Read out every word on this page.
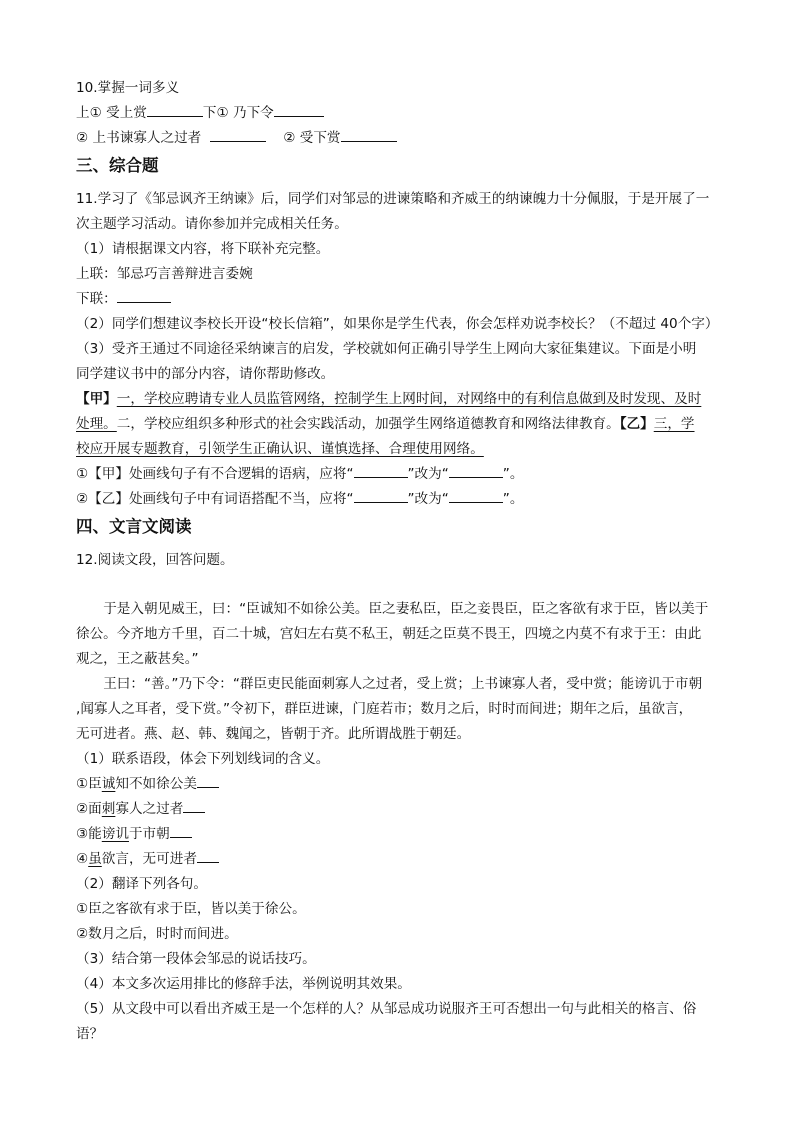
10.掌握一词多义
上① 受上赏	下① 乃下令
② 上书谏寡人之过者	② 受下赏
三、综合题
11.学习了《邹忌讽齐王纳谏》后，同学们对邹忌的进谏策略和齐威王的纳谏魄力十分佩服，于是开展了一
次主题学习活动。请你参加并完成相关任务。
（1）请根据课文内容，将下联补充完整。
上联：邹忌巧言善辩进言委婉
下联：
（2）同学们想建议李校长开设“校长信箱”，如果你是学生代表，你会怎样劝说李校长？（不超过 40个字）
（3）受齐王通过不同途径采纳谏言的启发，学校就如何正确引导学生上网向大家征集建议。下面是小明
同学建议书中的部分内容，请你帮助修改。
【甲】一，学校应聘请专业人员监管网络，控制学生上网时间，对网络中的有利信息做到及时发现、及时
处理。二，学校应组织多种形式的社会实践活动，加强学生网络道德教育和网络法律教育。【乙】三，学
校应开展专题教育，引领学生正确认识、谨慎选择、合理使用网络。
①【甲】处画线句子有不合逻辑的语病，应将“	”改为“	”。
②【乙】处画线句子中有词语搭配不当，应将“	”改为“	”。
四、文言文阅读
12.阅读文段，回答问题。
于是入朝见威王，曰：“臣诚知不如徐公美。臣之妻私臣，臣之妾畏臣，臣之客欲有求于臣，皆以美于
徐公。今齐地方千里，百二十城，宫妇左右莫不私王，朝廷之臣莫不畏王，四境之内莫不有求于王：由此
观之，王之蔽甚矣。”
王曰：“善。”乃下令：“群臣吏民能面刺寡人之过者，受上赏；上书谏寡人者，受中赏；能谤讥于市朝
,闻寡人之耳者，受下赏。”令初下，群臣进谏，门庭若市；数月之后，时时而间进；期年之后，虽欲言，
无可进者。燕、赵、韩、魏闻之，皆朝于齐。此所谓战胜于朝廷。
（1）联系语段，体会下列划线词的含义。
①臣诚知不如徐公美
②面刺寡人之过者
③能谤讥于市朝
④虽欲言，无可进者
（2）翻译下列各句。
①臣之客欲有求于臣，皆以美于徐公。
②数月之后，时时而间进。
（3）结合第一段体会邹忌的说话技巧。
（4）本文多次运用排比的修辞手法，举例说明其效果。
（5）从文段中可以看出齐威王是一个怎样的人？从邹忌成功说服齐王可否想出一句与此相关的格言、俗
语？
